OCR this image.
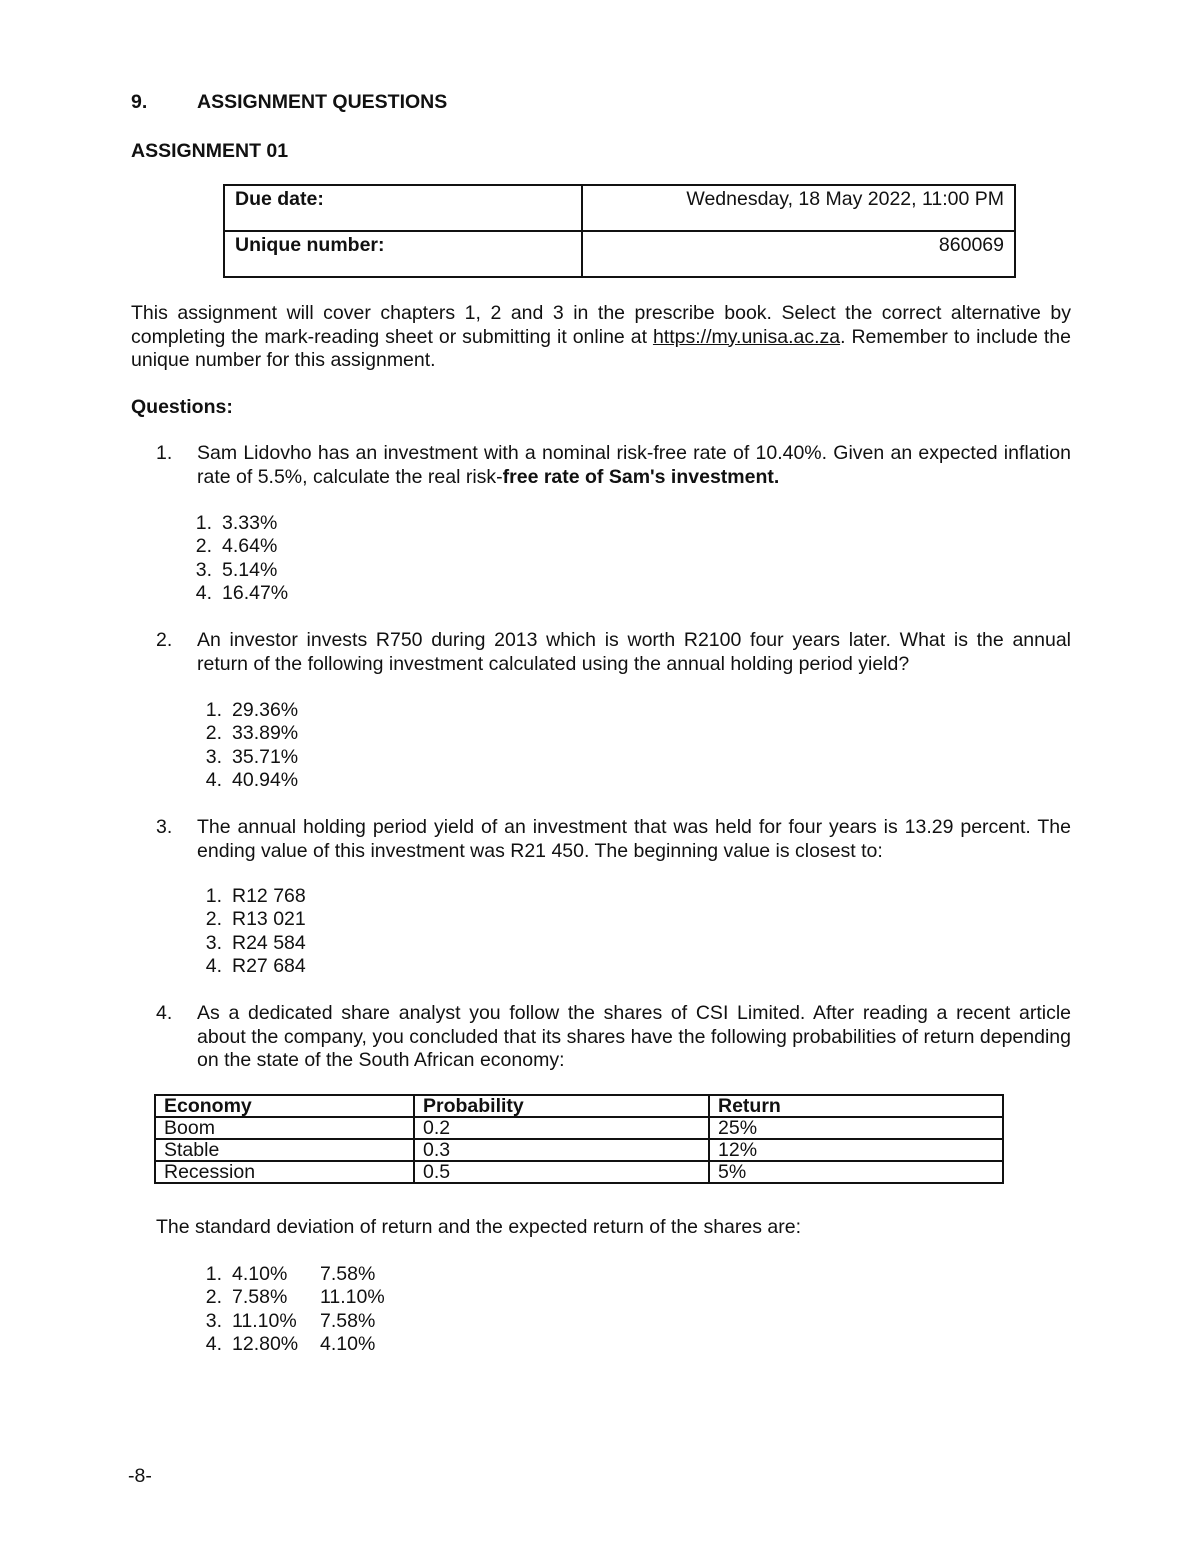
9.	ASSIGNMENT QUESTIONS
ASSIGNMENT 01
Due date:	Wednesday, 18 May 2022, 11:00 PM
Unique number:	860069
This assignment will cover chapters 1, 2 and 3 in the prescribe book. Select the correct alternative by completing the mark-reading sheet or submitting it online at https://my.unisa.ac.za. Remember to include the unique number for this assignment.
Questions:
1.	Sam Lidovho has an investment with a nominal risk-free rate of 10.40%. Given an expected inflation rate of 5.5%, calculate the real risk-free rate of Sam's investment.
1. 3.33%
2. 4.64%
3. 5.14%
4. 16.47%
2.	An investor invests R750 during 2013 which is worth R2100 four years later. What is the annual return of the following investment calculated using the annual holding period yield?
1. 29.36%
2. 33.89%
3. 35.71%
4. 40.94%
3.	The annual holding period yield of an investment that was held for four years is 13.29 percent. The ending value of this investment was R21 450. The beginning value is closest to:
1. R12 768
2. R13 021
3. R24 584
4. R27 684
4.	As a dedicated share analyst you follow the shares of CSI Limited. After reading a recent article about the company, you concluded that its shares have the following probabilities of return depending on the state of the South African economy:
Economy	Probability	Return
Boom	0.2	25%
Stable	0.3	12%
Recession	0.5	5%
The standard deviation of return and the expected return of the shares are:
1. 4.10% 7.58%
2. 7.58% 11.10%
3. 11.10% 7.58%
4. 12.80% 4.10%
-8-
